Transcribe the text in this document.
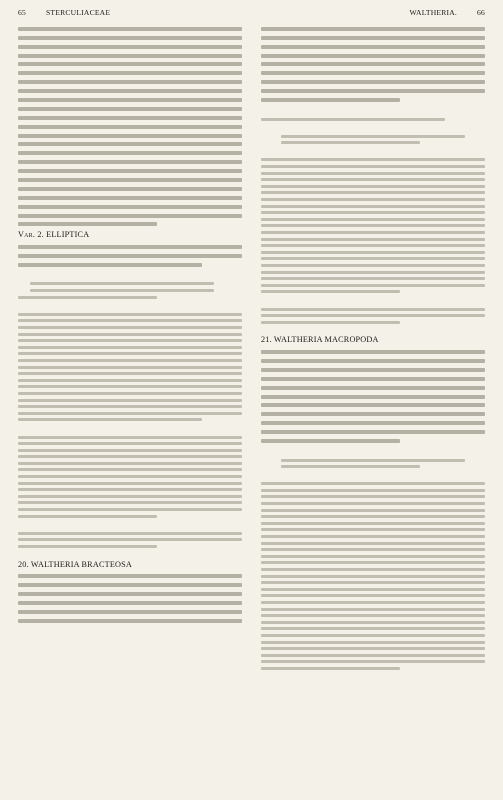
65	STERCULIACEAE	WALTHERIA.	66
Var. 2. ELLIPTICA
20. WALTHERIA BRACTEOSA
21. WALTHERIA MACROPODA
